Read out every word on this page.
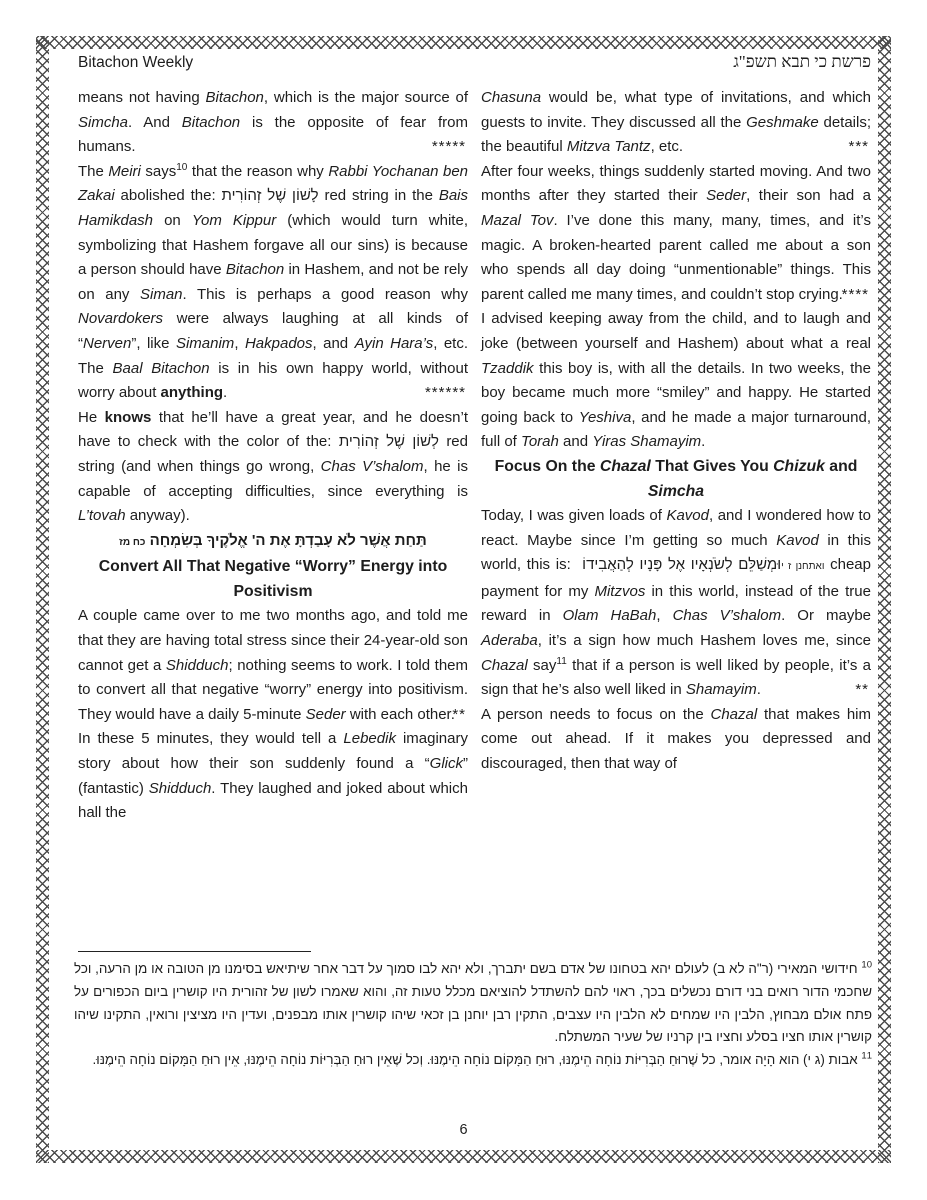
Bitachon Weekly	פרשת כי תבא תשפ"ג
means not having Bitachon, which is the major source of Simcha. And Bitachon is the opposite of fear from humans.	*****
The Meiri says$^{10}$ that the reason why Rabbi Yochanan ben Zakai abolished the: לָשׁוֹן שֶׁל זְהוֹרִית red string in the Bais Hamikdash on Yom Kippur (which would turn white, symbolizing that Hashem forgave all our sins) is because a person should have Bitachon in Hashem, and not be rely on any Siman. This is perhaps a good reason why Novardokers were always laughing at all kinds of “Nerven”, like Simanim, Hakpados, and Ayin Hara’s, etc. The Baal Bitachon is in his own happy world, without worry about anything.	******
He knows that he’ll have a great year, and he doesn’t have to check with the color of the: לְשׁוֹן שֶׁל זְהוֹרִית red string (and when things go wrong, Chas V’shalom, he is capable of accepting difficulties, since everything is L’tovah anyway).
תַּחַת אֲשֶׁר לֹא עָבַדְתָּ אֶת ה' אֱלֹקֶיךָ בְּשִׂמְחָה כח מז
Convert All That Negative “Worry” Energy into Positivism
A couple came over to me two months ago, and told me that they are having total stress since their 24-year-old son cannot get a Shidduch; nothing seems to work. I told them to convert all that negative “worry” energy into positivism. They would have a daily 5-minute Seder with each other.
**
In these 5 minutes, they would tell a Lebedik imaginary story about how their son suddenly found a “Glick” (fantastic) Shidduch. They laughed and joked about which hall the
Chasuna would be, what type of invitations, and which guests to invite. They discussed all the Geshmake details; the beautiful Mitzva Tantz, etc.	***
After four weeks, things suddenly started moving. And two months after they started their Seder, their son had a Mazal Tov. I’ve done this many, many, times, and it’s magic. A broken-hearted parent called me about a son who spends all day doing “unmentionable” things. This parent called me many times, and couldn’t stop crying.
****
I advised keeping away from the child, and to laugh and joke (between yourself and Hashem) about what a real Tzaddik this boy is, with all the details. In two weeks, the boy became much more “smiley” and happy. He started going back to Yeshiva, and he made a major turnaround, full of Torah and Yiras Shamayim.
Focus On the Chazal That Gives You Chizuk and Simcha
Today, I was given loads of Kavod, and I wondered how to react. Maybe since I’m getting so much Kavod in this world, this is: וּמְשַׁלֵּם לְשֹׂנְאָיו אֶל פָּנָיו לְהַאֲבִידוֹ ואתחנן ז י cheap payment for my Mitzvos in this world, instead of the true reward in Olam HaBah, Chas V’shalom. Or maybe Aderaba, it’s a sign how much Hashem loves me, since Chazal say$^{11}$ that if a person is well liked by people, it’s a sign that he’s also well liked in Shamayim.	**
A person needs to focus on the Chazal that makes him come out ahead. If it makes you depressed and discouraged, then that way of
$^{10}$ חידושי המאירי (ר"ה לא ב) לעולם יהא בטחונו של אדם בשם יתברך, ולא יהא לבו סמוך על דבר אחר שיתיאש בסימנו מן הטובה או מן הרעה, וכל שחכמי הדור רואים בני דורם נכשלים בכך, ראוי להם להשתדל להוציאם מכלל טעות זה, והוא שאמרו לשון של זהורית היו קושרין ביום הכפורים על פתח אולם מבחוץ, הלבין היו שמחים לא הלבין היו עצבים, התקין רבן יוחנן בן זכאי שיהו קושרין אותו מבפנים, ועדין היו מציצין ורואין, התקינו שיהו קושרין אותו חציו בסלע וחציו בין קרניו של שעיר המשתלח.
$^{11}$ אבות (ג י) הוא הָיָה אומר, כל שֶׁרוּחַ הַבְּרִיּוֹת נוֹחָה הֵימֶנּוּ, רוּחַ הַמָּקוֹם נוֹחָה הֵימֶנּוּ. וְכל שֶׁאֵין רוּחַ הַבְּרִיּוֹת נוֹחָה הֵימֶנּוּ, אֵין רוּחַ הַמָּקוֹם נוֹחָה הֵימֶנּוּ.
6
